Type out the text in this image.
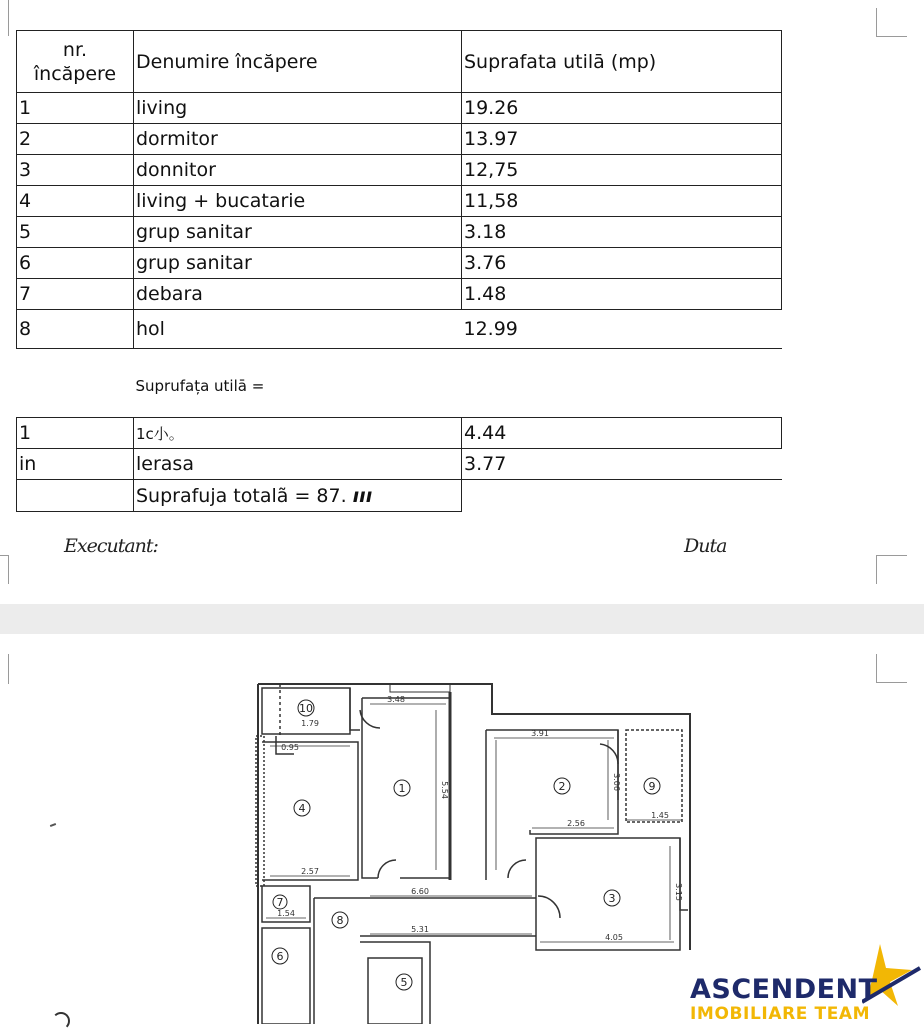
nr.
încăpere	Denumire încăpere	Suprafata utilā (mp)
1	living	19.26
2	dormitor	13.97
3	donnitor	12,75
4	living + bucatarie	11,58
5	grup sanitar	3.18
6	grup sanitar	3.76
7	debara	1.48
8	hol	12.99
	Suprufața utilā =	
1	1c小。	4.44
in	lerasa	3.77
	Suprafuja totalã = 87. ııı	
Executant:	Duta
10
4
1	2	9
3
7
8
6
5
3.48
3.91
2.56
1.45
6.60
5.31
4.05
2.57
1.54
0.95
3.06
3.15
5.54
1.79
ASCENDENT
IMOBILIARE TEAM
